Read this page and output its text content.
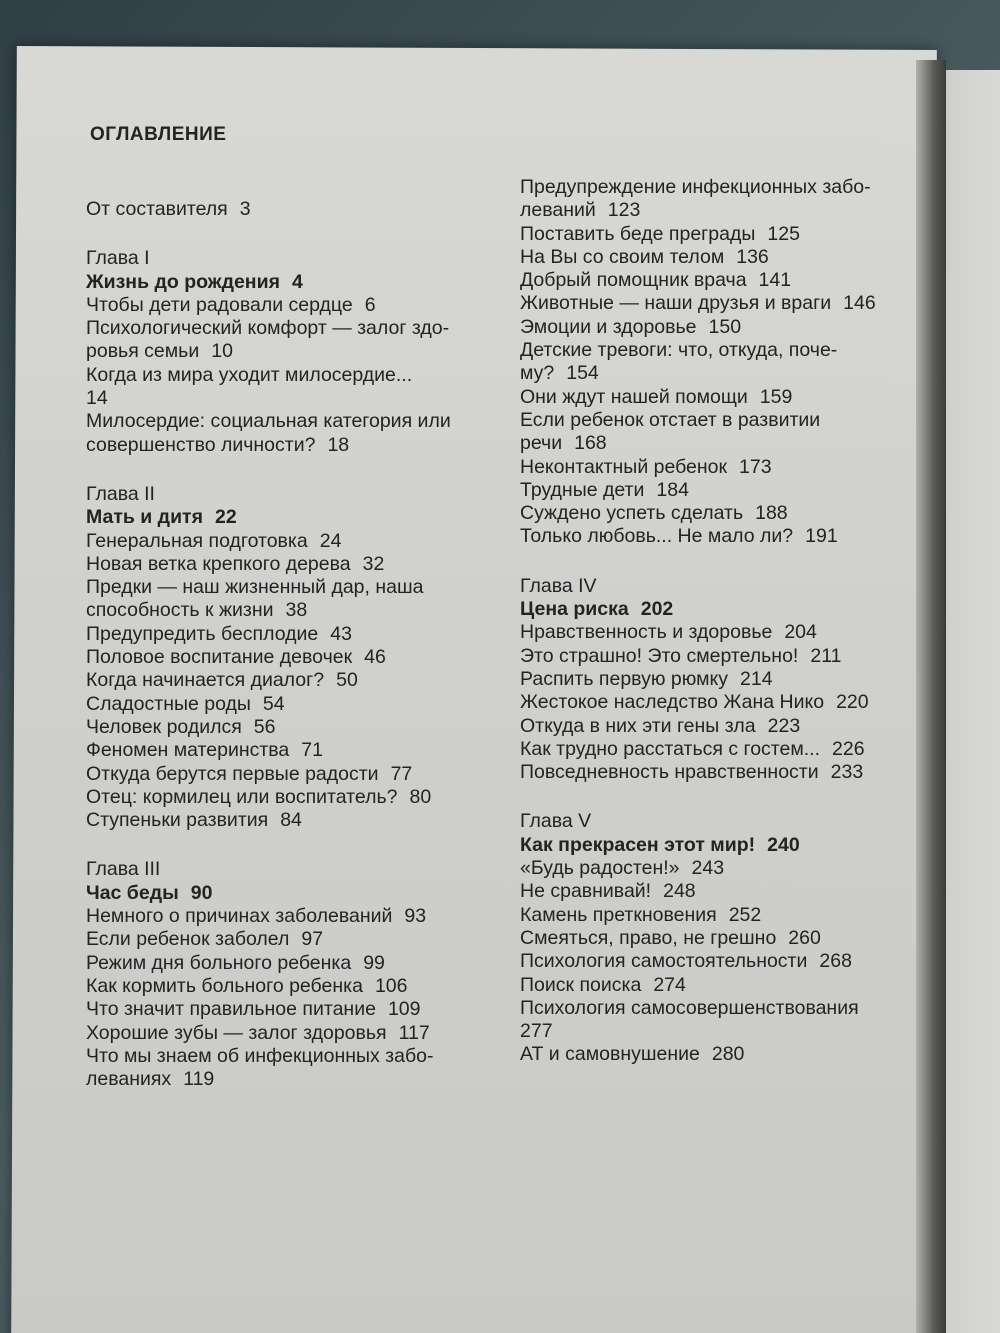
ОГЛАВЛЕНИЕ
От составителя 3
Глава I
Жизнь до рождения 4
Чтобы дети радовали сердце 6
Психологический комфорт — залог здо-
ровья семьи 10
Когда из мира уходит милосердие...
14
Милосердие: социальная категория или
совершенство личности? 18
Глава II
Мать и дитя 22
Генеральная подготовка 24
Новая ветка крепкого дерева 32
Предки — наш жизненный дар, наша
способность к жизни 38
Предупредить бесплодие 43
Половое воспитание девочек 46
Когда начинается диалог? 50
Сладостные роды 54
Человек родился 56
Феномен материнства 71
Откуда берутся первые радости 77
Отец: кормилец или воспитатель? 80
Ступеньки развития 84
Глава III
Час беды 90
Немного о причинах заболеваний 93
Если ребенок заболел 97
Режим дня больного ребенка 99
Как кормить больного ребенка 106
Что значит правильное питание 109
Хорошие зубы — залог здоровья 117
Что мы знаем об инфекционных забо-
леваниях 119
Предупреждение инфекционных забо-
леваний 123
Поставить беде преграды 125
На Вы со своим телом 136
Добрый помощник врача 141
Животные — наши друзья и враги 146
Эмоции и здоровье 150
Детские тревоги: что, откуда, поче-
му? 154
Они ждут нашей помощи 159
Если ребенок отстает в развитии
речи 168
Неконтактный ребенок 173
Трудные дети 184
Суждено успеть сделать 188
Только любовь... Не мало ли? 191
Глава IV
Цена риска 202
Нравственность и здоровье 204
Это страшно! Это смертельно! 211
Распить первую рюмку 214
Жестокое наследство Жана Нико 220
Откуда в них эти гены зла 223
Как трудно расстаться с гостем... 226
Повседневность нравственности 233
Глава V
Как прекрасен этот мир! 240
«Будь радостен!» 243
Не сравнивай! 248
Камень преткновения 252
Смеяться, право, не грешно 260
Психология самостоятельности 268
Поиск поиска 274
Психология самосовершенствования
277
АТ и самовнушение 280
